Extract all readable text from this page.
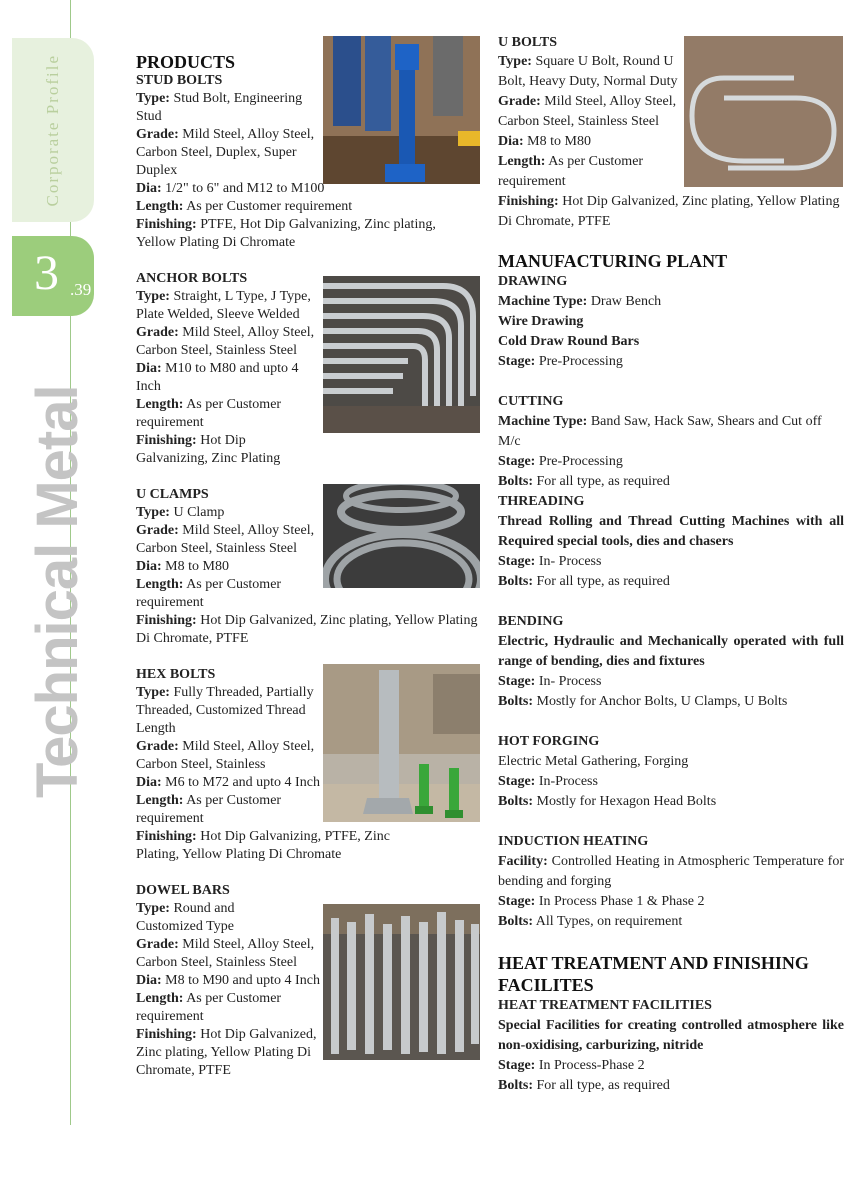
Corporate Profile
3 .39
Technical Metal

PRODUCTS

STUD BOLTS

Type: Stud Bolt, Engineering Stud

Grade: Mild Steel, Alloy Steel, Carbon Steel, Duplex, Super Duplex

Dia: 1/2" to 6" and M12 to M100

Length: As per Customer requirement

Finishing: PTFE, Hot Dip Galvanizing, Zinc plating, Yellow Plating Di Chromate

ANCHOR BOLTS

Type: Straight, L Type, J Type, Plate Welded, Sleeve Welded

Grade: Mild Steel, Alloy Steel, Carbon Steel, Stainless Steel

Dia: M10 to M80 and upto 4 Inch

Length: As per Customer requirement

Finishing: Hot Dip Galvanizing, Zinc Plating

U CLAMPS

Type: U Clamp

Grade: Mild Steel, Alloy Steel, Carbon Steel, Stainless Steel

Dia: M8 to M80

Length: As per Customer requirement

Finishing: Hot Dip Galvanized, Zinc plating, Yellow Plating Di Chromate, PTFE

HEX BOLTS

Type: Fully Threaded, Partially Threaded, Customized Thread Length

Grade: Mild Steel, Alloy Steel, Carbon Steel, Stainless

Dia: M6 to M72 and upto 4 Inch

Length: As per Customer requirement

Finishing: Hot Dip Galvanizing, PTFE, Zinc Plating, Yellow Plating Di Chromate

DOWEL BARS

Type: Round and Customized Type

Grade: Mild Steel, Alloy Steel, Carbon Steel, Stainless Steel

Dia: M8 to M90 and upto 4 Inch

Length: As per Customer requirement

Finishing: Hot Dip Galvanized, Zinc plating, Yellow Plating Di Chromate, PTFE

U BOLTS

Type: Square U Bolt, Round U Bolt, Heavy Duty, Normal Duty

Grade: Mild Steel, Alloy Steel, Carbon Steel, Stainless Steel

Dia: M8 to M80

Length: As per Customer requirement

Finishing: Hot Dip Galvanized, Zinc plating, Yellow Plating Di Chromate, PTFE

MANUFACTURING PLANT

DRAWING

Machine Type: Draw Bench

Wire Drawing

Cold Draw Round Bars

Stage: Pre-Processing

CUTTING

Machine Type: Band Saw, Hack Saw, Shears and Cut off M/c

Stage: Pre-Processing

Bolts: For all type, as required

THREADING

Thread Rolling and Thread Cutting Machines with all Required special tools, dies and chasers

Stage: In- Process

Bolts: For all type, as required

BENDING

Electric, Hydraulic and Mechanically operated with full range of bending, dies and fixtures

Stage: In- Process

Bolts: Mostly for Anchor Bolts, U Clamps, U Bolts

HOT FORGING

Electric Metal Gathering, Forging

Stage: In-Process

Bolts: Mostly for Hexagon Head Bolts

INDUCTION HEATING

Facility: Controlled Heating in Atmospheric Temperature for bending and forging

Stage: In Process Phase 1 & Phase 2

Bolts: All Types, on requirement

HEAT TREATMENT AND FINISHING FACILITES

HEAT TREATMENT FACILITIES

Special Facilities for creating controlled atmosphere like non-oxidising, carburizing, nitride

Stage: In Process-Phase 2

Bolts: For all type, as required
